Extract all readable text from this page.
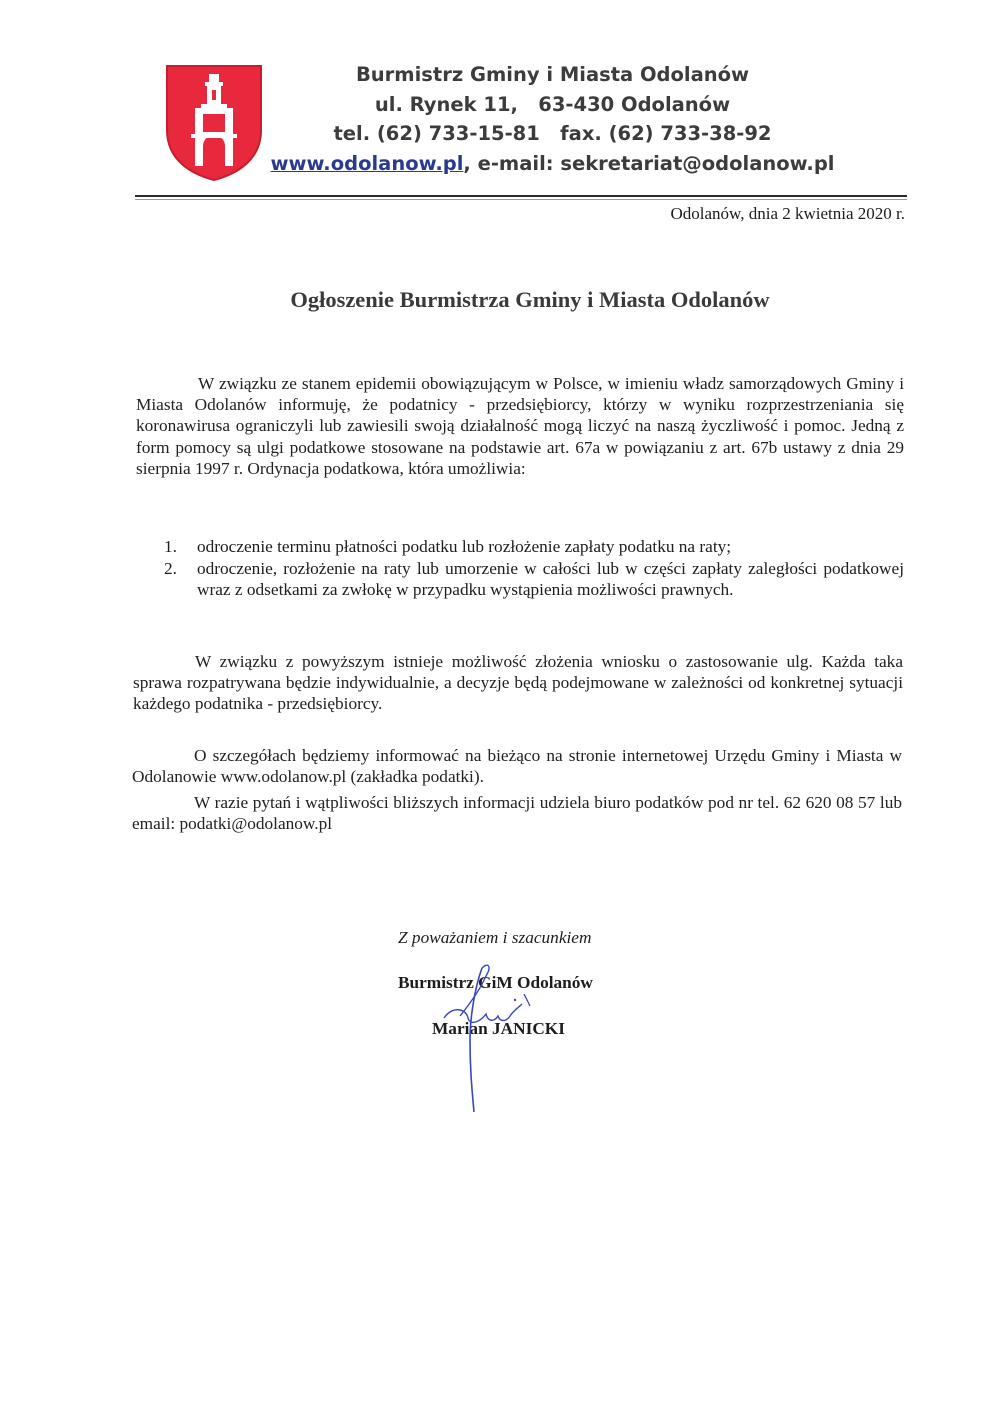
Burmistrz Gminy i Miasta Odolanów
ul. Rynek 11,   63-430 Odolanów
tel. (62) 733-15-81   fax. (62) 733-38-92
www.odolanow.pl, e-mail: sekretariat@odolanow.pl
Odolanów, dnia 2 kwietnia 2020 r.
Ogłoszenie Burmistrza Gminy i Miasta Odolanów
W związku ze stanem epidemii obowiązującym w Polsce, w imieniu władz samorządowych Gminy i Miasta Odolanów informuję, że podatnicy - przedsiębiorcy, którzy w wyniku rozprzestrzeniania się koronawirusa ograniczyli lub zawiesili swoją działalność mogą liczyć na naszą życzliwość i pomoc. Jedną z form pomocy są ulgi podatkowe stosowane na podstawie art. 67a w powiązaniu z art. 67b ustawy z dnia 29 sierpnia 1997 r. Ordynacja podatkowa, która umożliwia:
1. odroczenie terminu płatności podatku lub rozłożenie zapłaty podatku na raty;
2. odroczenie, rozłożenie na raty lub umorzenie w całości lub w części zapłaty zaległości podatkowej wraz z odsetkami za zwłokę w przypadku wystąpienia możliwości prawnych.
W związku z powyższym istnieje możliwość złożenia wniosku o zastosowanie ulg. Każda taka sprawa rozpatrywana będzie indywidualnie, a decyzje będą podejmowane w zależności od konkretnej sytuacji każdego podatnika - przedsiębiorcy.
O szczegółach będziemy informować na bieżąco na stronie internetowej Urzędu Gminy i Miasta w Odolanowie www.odolanow.pl (zakładka podatki).
W razie pytań i wątpliwości bliższych informacji udziela biuro podatków pod nr tel. 62 620 08 57 lub email: podatki@odolanow.pl
Z poważaniem i szacunkiem
Burmistrz GiM Odolanów
Marian JANICKI
